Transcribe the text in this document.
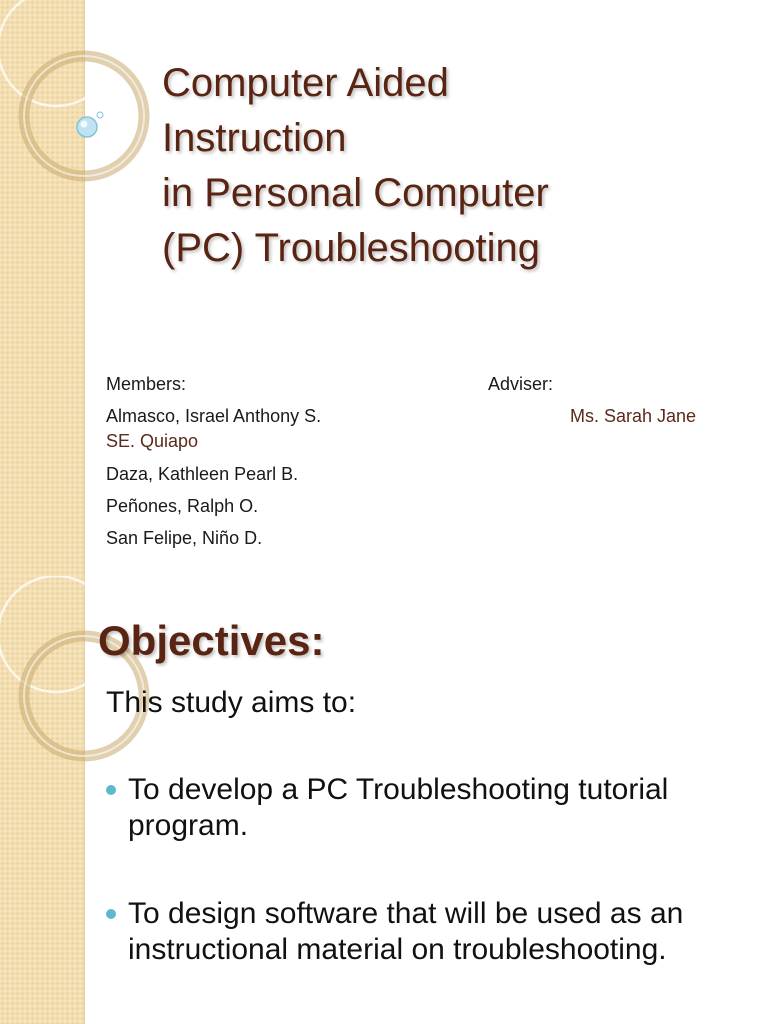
Computer Aided
Instruction
in Personal Computer
(PC) Troubleshooting

Members:	Adviser:

Almasco, Israel Anthony S.	Ms. Sarah Jane
SE. Quiapo

Daza, Kathleen Pearl B.

Peñones, Ralph O.

San Felipe, Niño D.

Objectives:

This study aims to:

To develop a PC Troubleshooting tutorial program.
To design software that will be used as an instructional material on troubleshooting.
